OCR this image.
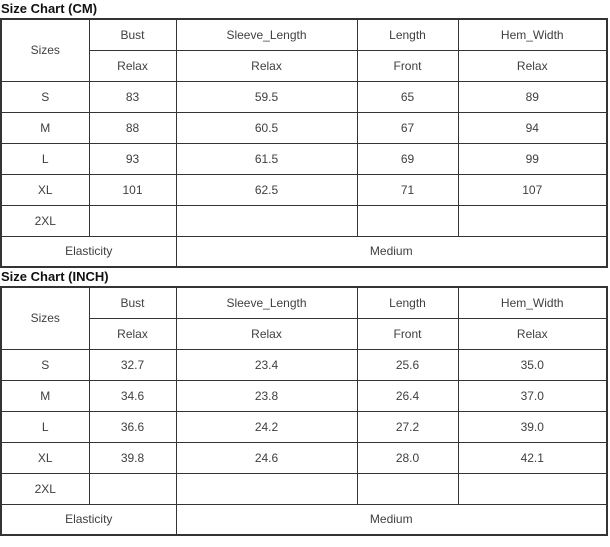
Size Chart (CM)
Sizes	Bust	Sleeve_Length	Length	Hem_Width
	Relax	Relax	Front	Relax
S	83	59.5	65	89
M	88	60.5	67	94
L	93	61.5	69	99
XL	101	62.5	71	107
2XL				
Elasticity		Medium		
Size Chart (INCH)
Sizes	Bust	Sleeve_Length	Length	Hem_Width
	Relax	Relax	Front	Relax
S	32.7	23.4	25.6	35.0
M	34.6	23.8	26.4	37.0
L	36.6	24.2	27.2	39.0
XL	39.8	24.6	28.0	42.1
2XL				
Elasticity		Medium		
